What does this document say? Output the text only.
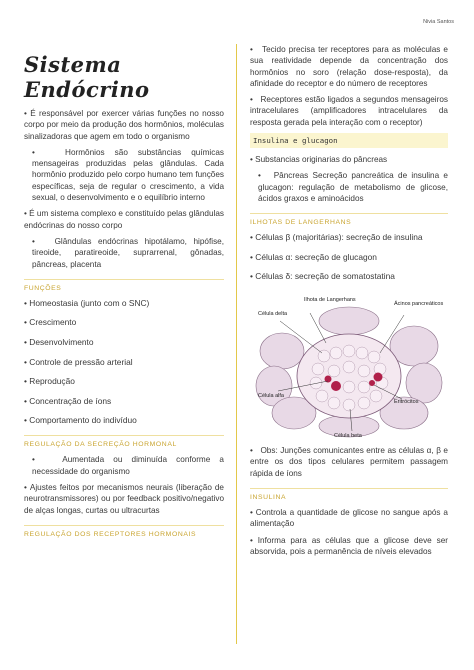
Nivia Santos
Sistema Endócrino

• É responsável por exercer várias funções no nosso corpo por meio da produção dos hormônios, moléculas sinalizadoras que agem em todo o organismo

•   Hormônios são substâncias químicas mensageiras produzidas pelas glândulas. Cada hormônio produzido pelo corpo humano tem funções específicas, seja de regular o crescimento, a vida sexual, o desenvolvimento e o equilíbrio interno

• É um sistema complexo e constituído pelas glândulas endócrinas do nosso corpo

•   Glândulas endócrinas hipotálamo, hipófise, tireoide, paratireoide, suprarrenal, gônadas, pâncreas, placenta

FUNÇÕES
• Homeostasia (junto com o SNC)
• Crescimento
• Desenvolvimento
• Controle de pressão arterial
• Reprodução
• Concentração de íons
• Comportamento do indivíduo
REGULAÇÃO DA SECREÇÃO HORMONAL

•   Aumentada ou diminuída conforme a necessidade do organismo

• Ajustes feitos por mecanismos neurais (liberação de neurotransmissores) ou por feedback positivo/negativo de alças longas, curtas ou ultracurtas

REGULAÇÃO DOS RECEPTORES HORMONAIS

•   Tecido precisa ter receptores para as moléculas e sua reatividade depende da concentração dos hormônios no soro (relação dose-resposta), da afinidade do receptor e do número de receptores

•   Receptores estão ligados a segundos mensageiros intracelulares (amplificadores intracelulares da resposta gerada pela interação com o receptor)

Insulina e glucagon

• Substancias originarias do pâncreas

•   Pâncreas Secreção pancreática de insulina e glucagon: regulação de metabolismo de glicose, ácidos graxos e aminoácidos

ILHOTAS DE LANGERHANS
• Células β (majoritárias): secreção de insulina
• Células α: secreção de glucagon
• Células δ: secreção de somatostatina
Ilhota de Langerhans
Célula delta
Ácinos pancreáticos
Célula alfa
Eritrócitos
Célula beta

•   Obs: Junções comunicantes entre as células α, β e entre os dos tipos celulares permitem passagem rápida de íons

INSULINA

• Controla a quantidade de glicose no sangue após a alimentação

• Informa para as células que a glicose deve ser absorvida, pois a permanência de níveis elevados
